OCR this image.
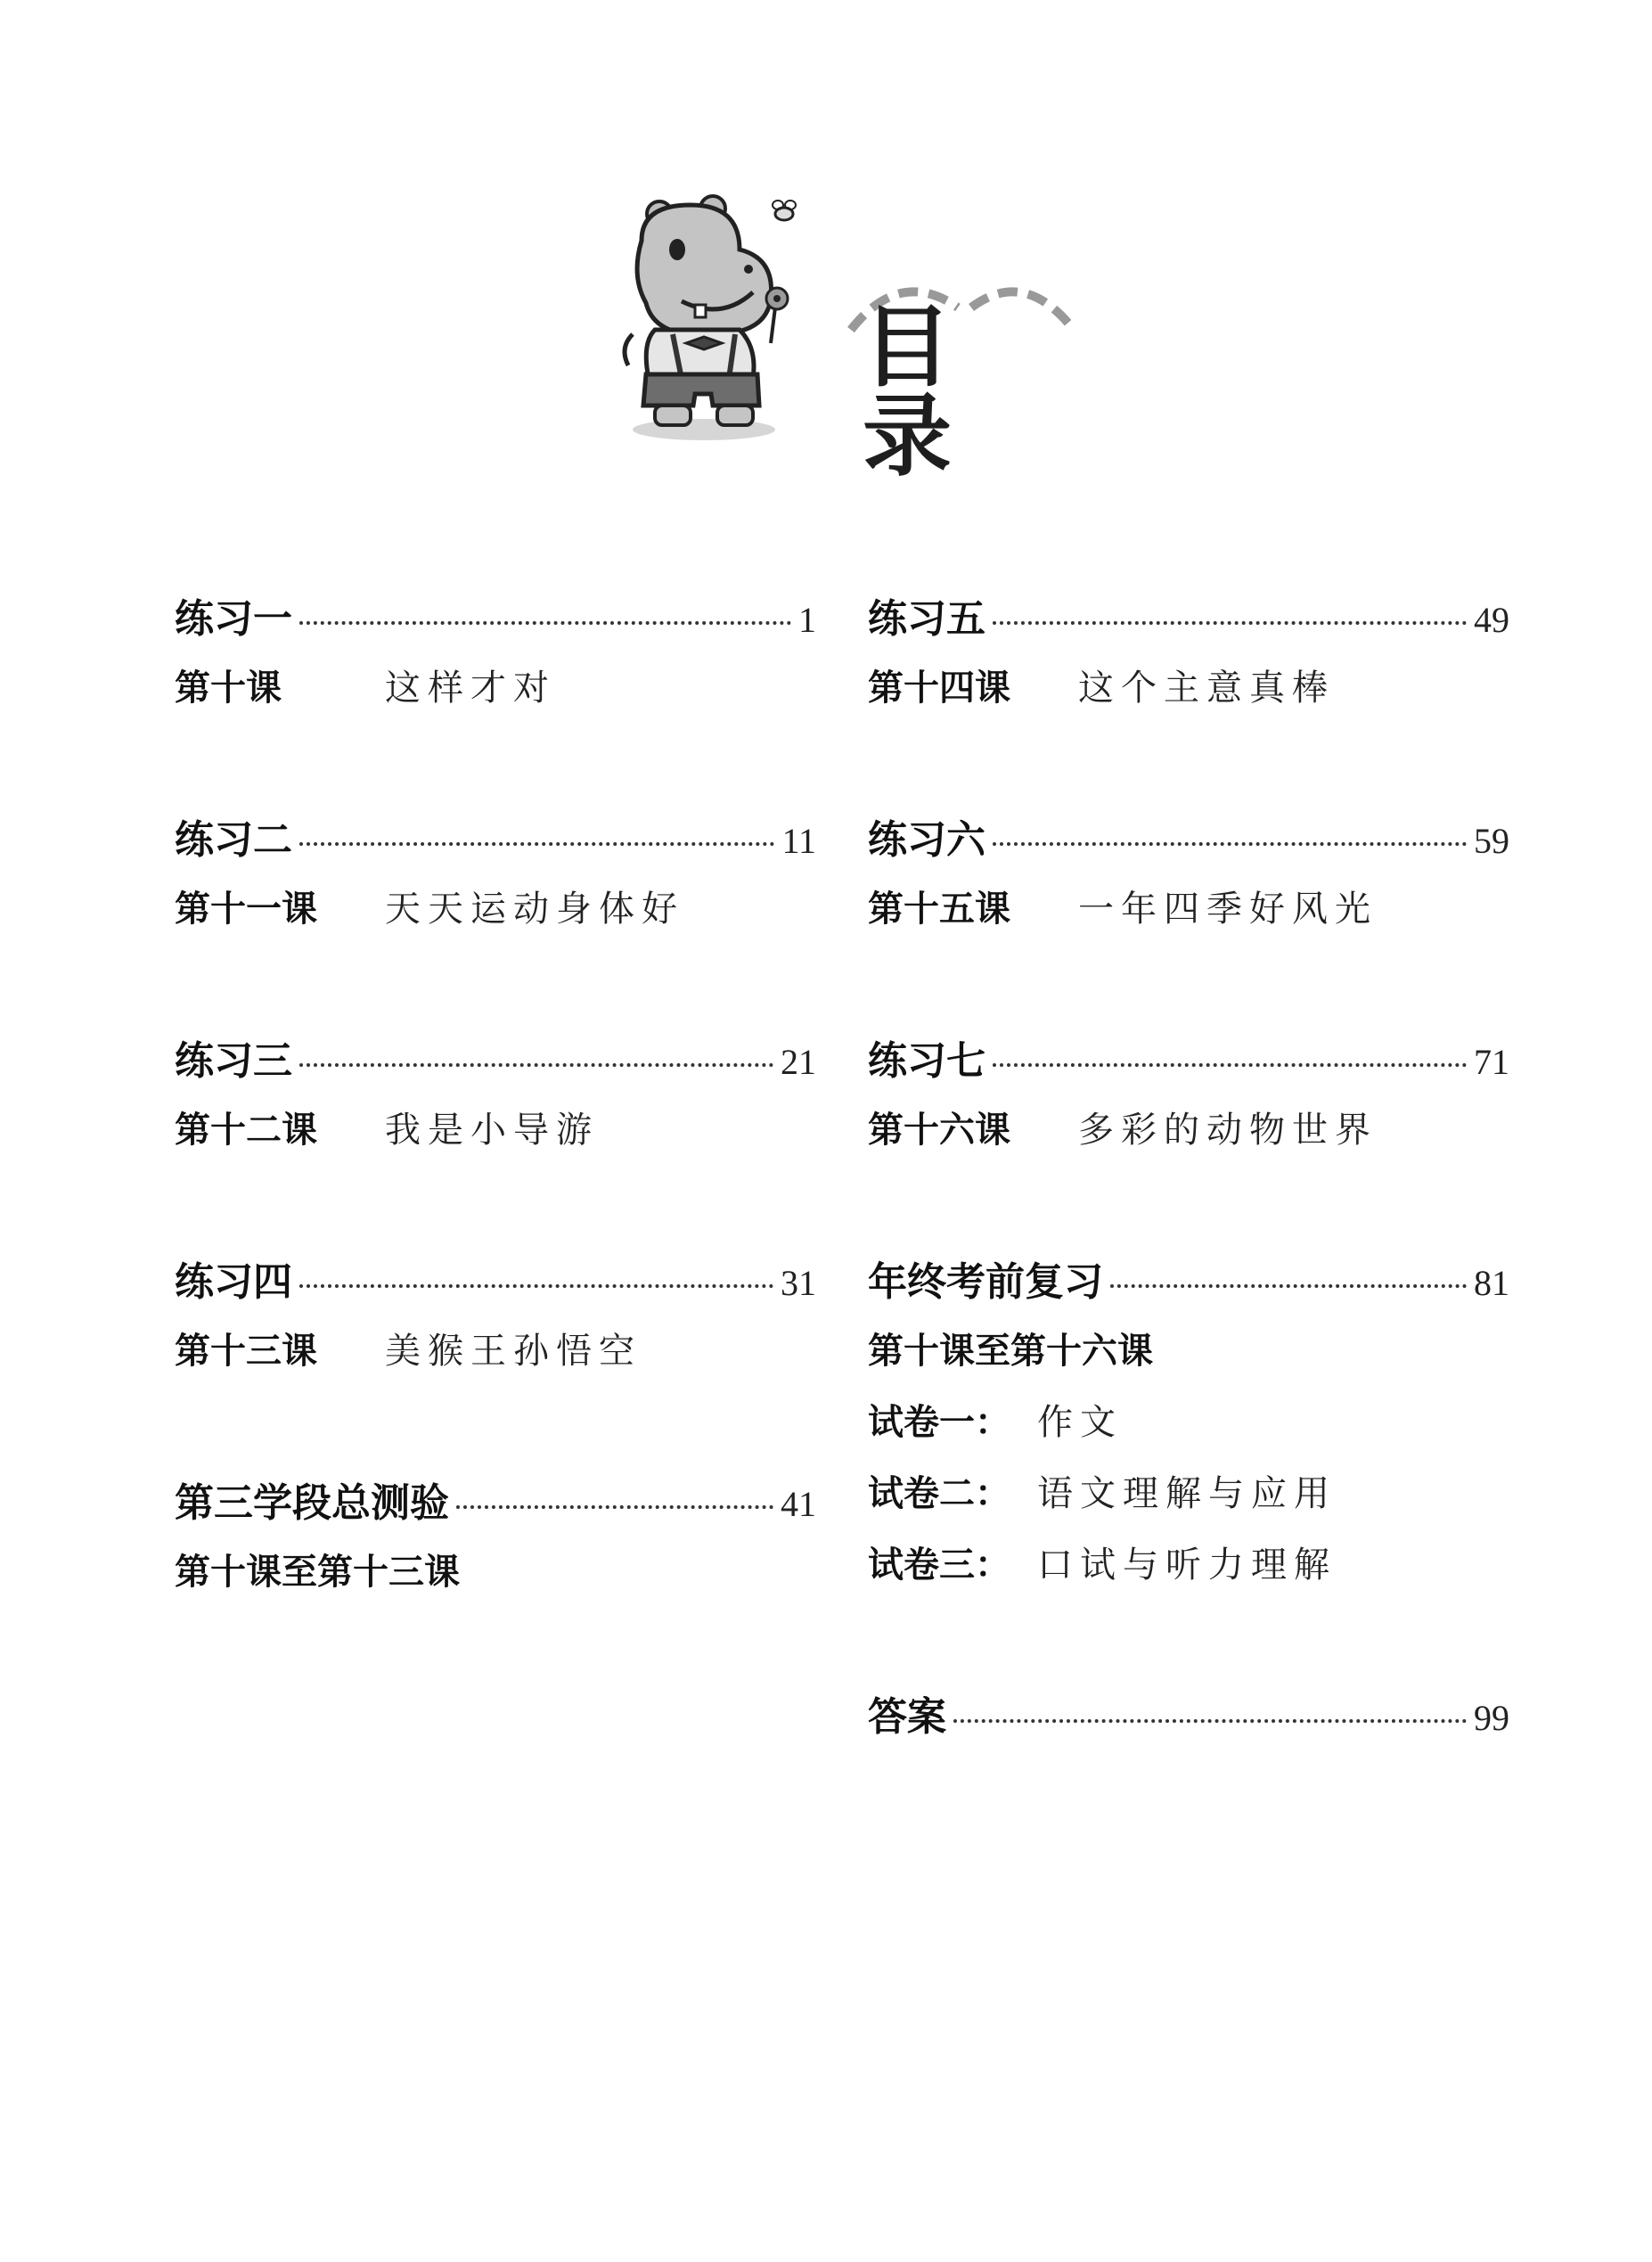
目 录
练习一	1
第十课	这样才对
练习二	11
第十一课	天天运动身体好
练习三	21
第十二课	我是小导游
练习四	31
第十三课	美猴王孙悟空
第三学段总测验	41
第十课至第十三课
练习五	49
第十四课	这个主意真棒
练习六	59
第十五课	一年四季好风光
练习七	71
第十六课	多彩的动物世界
年终考前复习	81
第十课至第十六课
试卷一： 作文
试卷二： 语文理解与应用
试卷三： 口试与听力理解
答案	99
